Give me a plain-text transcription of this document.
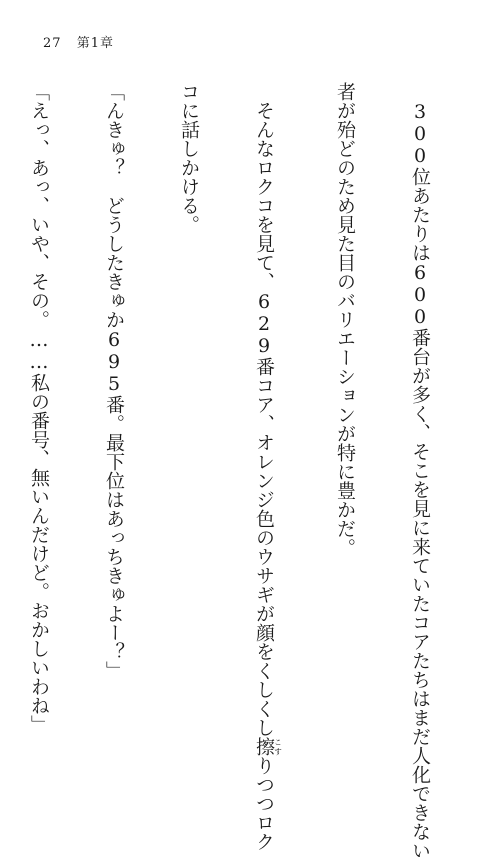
27 第1章

　300位あたりは600番台が多く、そこを見に来ていたコアたちはまだ人化できない

者が殆どのため見た目のバリエーションが特に豊かだ。

　そんなロクコを見て、629番コア、オレンジ色のウサギが顔をくしくし擦こすりつつロク

コに話しかける。

「んきゅ？　どうしたきゅか695番。最下位はあっちきゅよー？」

「えっ、あっ、いや、その。……私の番号、無いんだけど。おかしいわね」
